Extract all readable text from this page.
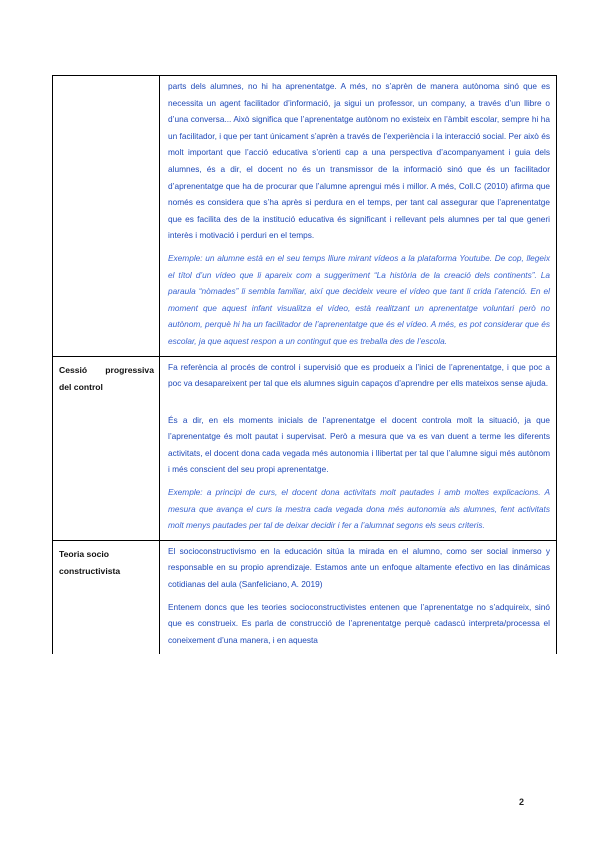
parts dels alumnes, no hi ha aprenentatge. A més, no s’aprèn de manera autònoma sinó que es necessita un agent facilitador d’informació, ja sigui un professor, un company, a través d’un llibre o d’una conversa... Això significa que l’aprenentatge autònom no existeix en l’àmbit escolar, sempre hi ha un facilitador, i que per tant únicament s’aprèn a través de l’experiència i la interacció social. Per això és molt important que l’acció educativa s’orienti cap a una perspectiva d’acompanyament i guia dels alumnes, és a dir, el docent no és un transmissor de la informació sinó que és un facilitador d’aprenentatge que ha de procurar que l’alumne aprengui més i millor. A més, Coll.C (2010) afirma que només es considera que s’ha après si perdura en el temps, per tant cal assegurar que l’aprenentatge que es facilita des de la institució educativa és significant i rellevant pels alumnes per tal que generi interès i motivació i perduri en el temps.

Exemple: un alumne està en el seu temps lliure mirant vídeos a la plataforma Youtube. De cop, llegeix el títol d’un vídeo que li apareix com a suggeriment “La història de la creació dels continents”. La paraula “nòmades” li sembla familiar, així que decideix veure el vídeo que tant li crida l’atenció. En el moment que aquest infant visualitza el vídeo, està realitzant un aprenentatge voluntari però no autònom, perquè hi ha un facilitador de l’aprenentatge que és el vídeo. A més, es pot considerar que és escolar, ja que aquest respon a un contingut que es treballa des de l’escola.

Cessió progressiva
del control

Fa referència al procés de control i supervisió que es produeix a l’inici de l’aprenentatge, i que poc a poc va desapareixent per tal que els alumnes siguin capaços d’aprendre per ells mateixos sense ajuda.

És a dir, en els moments inicials de l’aprenentatge el docent controla molt la situació, ja que l’aprenentatge és molt pautat i supervisat. Però a mesura que va es van duent a terme les diferents activitats, el docent dona cada vegada més autonomia i llibertat per tal que l’alumne sigui més autònom i més conscient del seu propi aprenentatge.

Exemple: a principi de curs, el docent dona activitats molt pautades i amb moltes explicacions. A mesura que avança el curs la mestra cada vegada dona més autonomia als alumnes, fent activitats molt menys pautades per tal de deixar decidir i fer a l’alumnat segons els seus criteris.

Teoria socio
constructivista

El socioconstructivismo en la educación sitúa la mirada en el alumno, como ser social inmerso y responsable en su propio aprendizaje. Estamos ante un enfoque altamente efectivo en las dinámicas cotidianas del aula (Sanfeliciano, A. 2019)

Entenem doncs que les teories socioconstructivistes entenen que l’aprenentatge no s’adquireix, sinó que es construeix. Es parla de construcció de l’aprenentatge perquè cadascú interpreta/processa el coneixement d’una manera, i en aquesta

2
